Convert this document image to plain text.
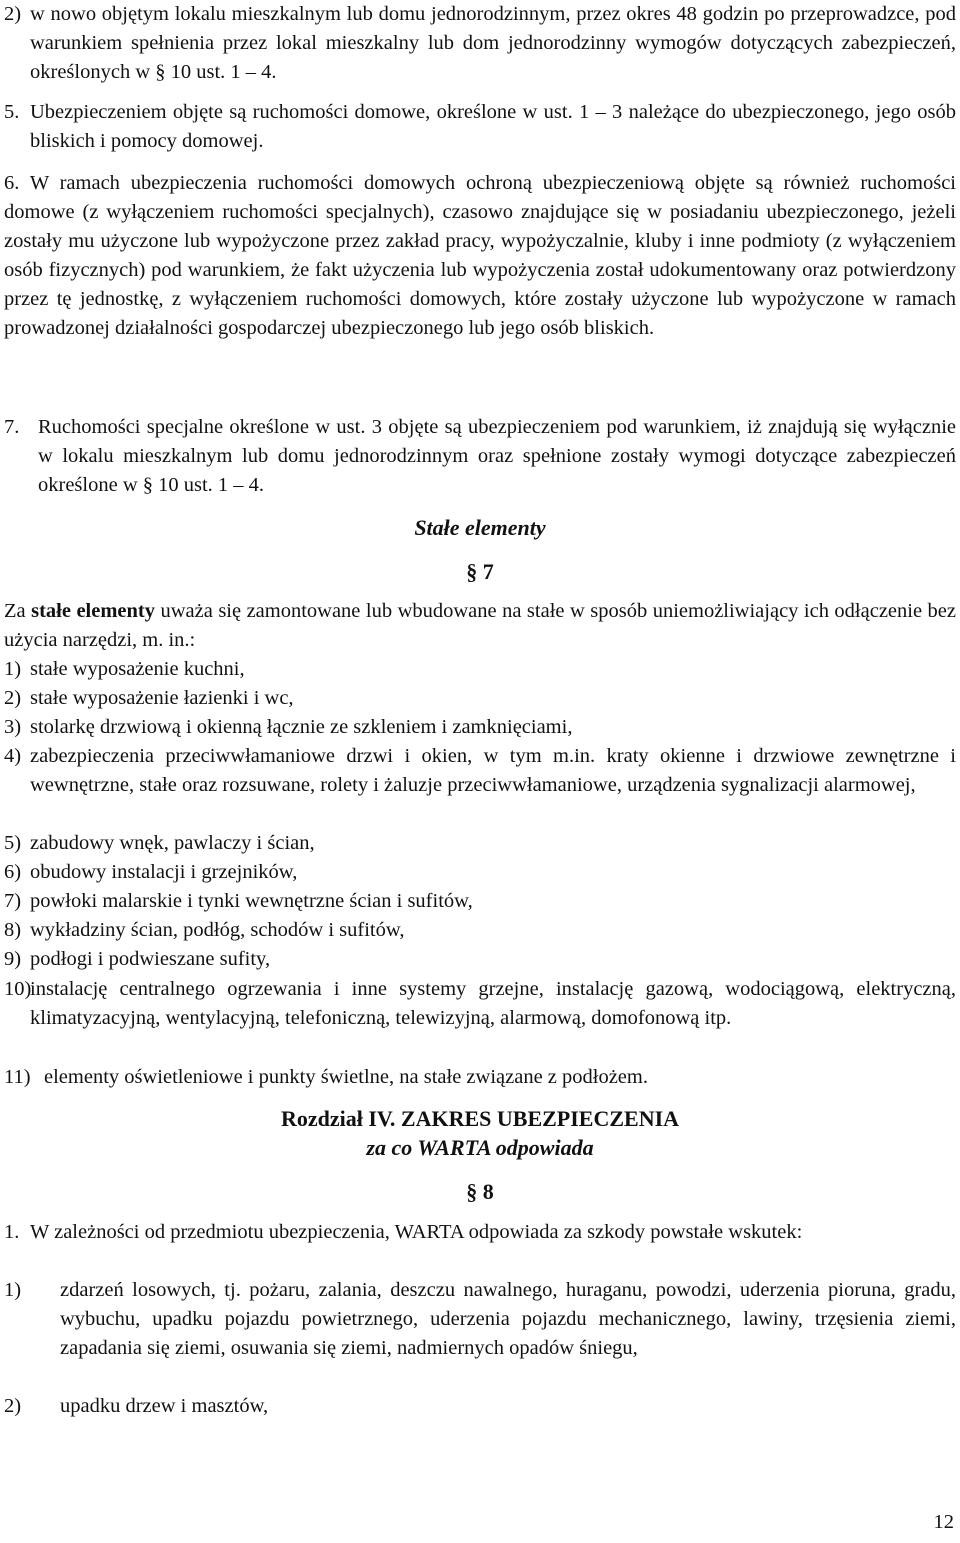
2) w nowo objętym lokalu mieszkalnym lub domu jednorodzinnym, przez okres 48 godzin po przeprowadzce, pod warunkiem spełnienia przez lokal mieszkalny lub dom jednorodzinny wymogów dotyczących zabezpieczeń, określonych w § 10 ust. 1 – 4.
5. Ubezpieczeniem objęte są ruchomości domowe, określone w ust. 1 – 3 należące do ubezpieczonego, jego osób bliskich i pomocy domowej.
6. W ramach ubezpieczenia ruchomości domowych ochroną ubezpieczeniową objęte są również ruchomości domowe (z wyłączeniem ruchomości specjalnych), czasowo znajdujące się w posiadaniu ubezpieczonego, jeżeli zostały mu użyczone lub wypożyczone przez zakład pracy, wypożyczalnie, kluby i inne podmioty (z wyłączeniem osób fizycznych) pod warunkiem, że fakt użyczenia lub wypożyczenia został udokumentowany oraz potwierdzony przez tę jednostkę, z wyłączeniem ruchomości domowych, które zostały użyczone lub wypożyczone w ramach prowadzonej działalności gospodarczej ubezpieczonego lub jego osób bliskich.
7. Ruchomości specjalne określone w ust. 3 objęte są ubezpieczeniem pod warunkiem, iż znajdują się wyłącznie w lokalu mieszkalnym lub domu jednorodzinnym oraz spełnione zostały wymogi dotyczące zabezpieczeń określone w § 10 ust. 1 – 4.
Stałe elementy
§ 7
Za stałe elementy uważa się zamontowane lub wbudowane na stałe w sposób uniemożliwiający ich odłączenie bez użycia narzędzi, m. in.:
1) stałe wyposażenie kuchni,
2) stałe wyposażenie łazienki i wc,
3) stolarkę drzwiową i okienną łącznie ze szkleniem i zamknięciami,
4) zabezpieczenia przeciwwłamaniowe drzwi i okien, w tym m.in. kraty okienne i drzwiowe zewnętrzne i wewnętrzne, stałe oraz rozsuwane, rolety i żaluzje przeciwwłamaniowe, urządzenia sygnalizacji alarmowej,
5) zabudowy wnęk, pawlaczy i ścian,
6) obudowy instalacji i grzejników,
7) powłoki malarskie i tynki wewnętrzne ścian i sufitów,
8) wykładziny ścian, podłóg, schodów i sufitów,
9) podłogi i podwieszane sufity,
10)
instalację centralnego ogrzewania i inne systemy grzejne, instalację gazową, wodociągową, elektryczną, klimatyzacyjną, wentylacyjną, telefoniczną, telewizyjną, alarmową, domofonową itp.
11) elementy oświetleniowe i punkty świetlne, na stałe związane z podłożem.
Rozdział IV. ZAKRES UBEZPIECZENIA
za co WARTA odpowiada
§ 8
1. W zależności od przedmiotu ubezpieczenia, WARTA odpowiada za szkody powstałe wskutek:
1)	zdarzeń losowych, tj. pożaru, zalania, deszczu nawalnego, huraganu, powodzi, uderzenia pioruna, gradu, wybuchu, upadku pojazdu powietrznego, uderzenia pojazdu mechanicznego, lawiny, trzęsienia ziemi, zapadania się ziemi, osuwania się ziemi, nadmiernych opadów śniegu,
2)	upadku drzew i masztów,
12
